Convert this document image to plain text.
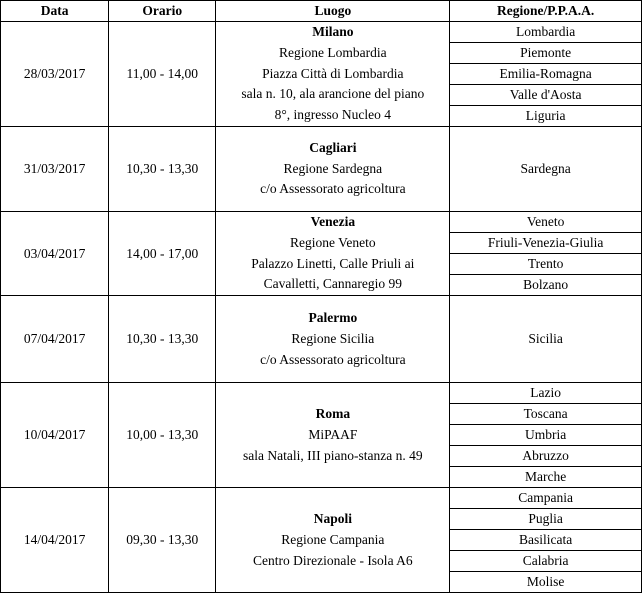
Data	Orario	Luogo	Regione/P.P.A.A.
28/03/2017	11,00 - 14,00	Milano
Regione Lombardia
Piazza Città di Lombardia
sala n. 10, ala arancione del piano
8°, ingresso Nucleo 4	Lombardia
			Piemonte
			Emilia-Romagna
			Valle d'Aosta
			Liguria
31/03/2017	10,30 - 13,30	Cagliari
Regione Sardegna
c/o Assessorato agricoltura	Sardegna
03/04/2017	14,00 - 17,00	Venezia
Regione Veneto
Palazzo Linetti, Calle Priuli ai
Cavalletti, Cannaregio 99	Veneto
			Friuli-Venezia-Giulia
			Trento
			Bolzano
07/04/2017	10,30 - 13,30	Palermo
Regione Sicilia
c/o Assessorato agricoltura	Sicilia
10/04/2017	10,00 - 13,30	Roma
MiPAAF
sala Natali, III piano-stanza n. 49	Lazio
			Toscana
			Umbria
			Abruzzo
			Marche
14/04/2017	09,30 - 13,30	Napoli
Regione Campania
Centro Direzionale - Isola A6	Campania
			Puglia
			Basilicata
			Calabria
			Molise
